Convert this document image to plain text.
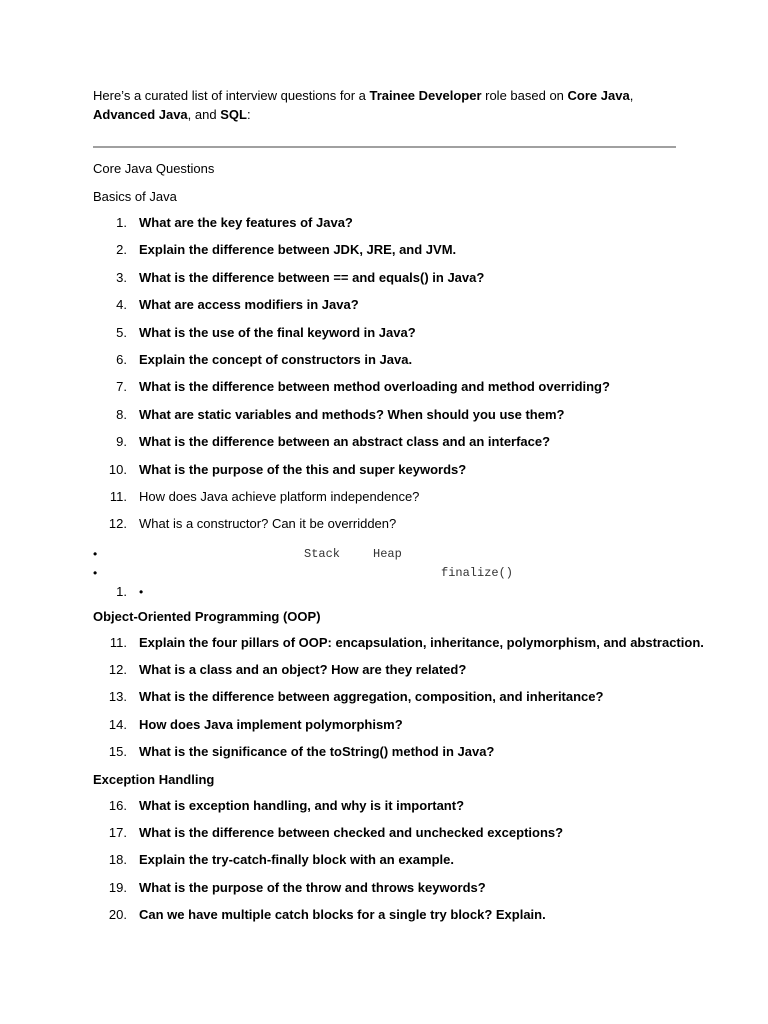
Here’s a curated list of interview questions for a Trainee Developer role based on Core Java,
Advanced Java, and SQL:

Core Java Questions

Basics of Java

1. What are the key features of Java?
2. Explain the difference between JDK, JRE, and JVM.
3. What is the difference between == and equals() in Java?
4. What are access modifiers in Java?
5. What is the use of the final keyword in Java?
6. Explain the concept of constructors in Java.
7. What is the difference between method overloading and method overriding?
8. What are static variables and methods? When should you use them?
9. What is the difference between an abstract class and an interface?
10. What is the purpose of the this and super keywords?
11. How does Java achieve platform independence?
12. What is a constructor? Can it be overridden?
•	Stack	Heap
•	finalize()
1. •

Object-Oriented Programming (OOP)

11. Explain the four pillars of OOP: encapsulation, inheritance, polymorphism, and abstraction.
12. What is a class and an object? How are they related?
13. What is the difference between aggregation, composition, and inheritance?
14. How does Java implement polymorphism?
15. What is the significance of the toString() method in Java?

Exception Handling

16. What is exception handling, and why is it important?
17. What is the difference between checked and unchecked exceptions?
18. Explain the try-catch-finally block with an example.
19. What is the purpose of the throw and throws keywords?
20. Can we have multiple catch blocks for a single try block? Explain.
